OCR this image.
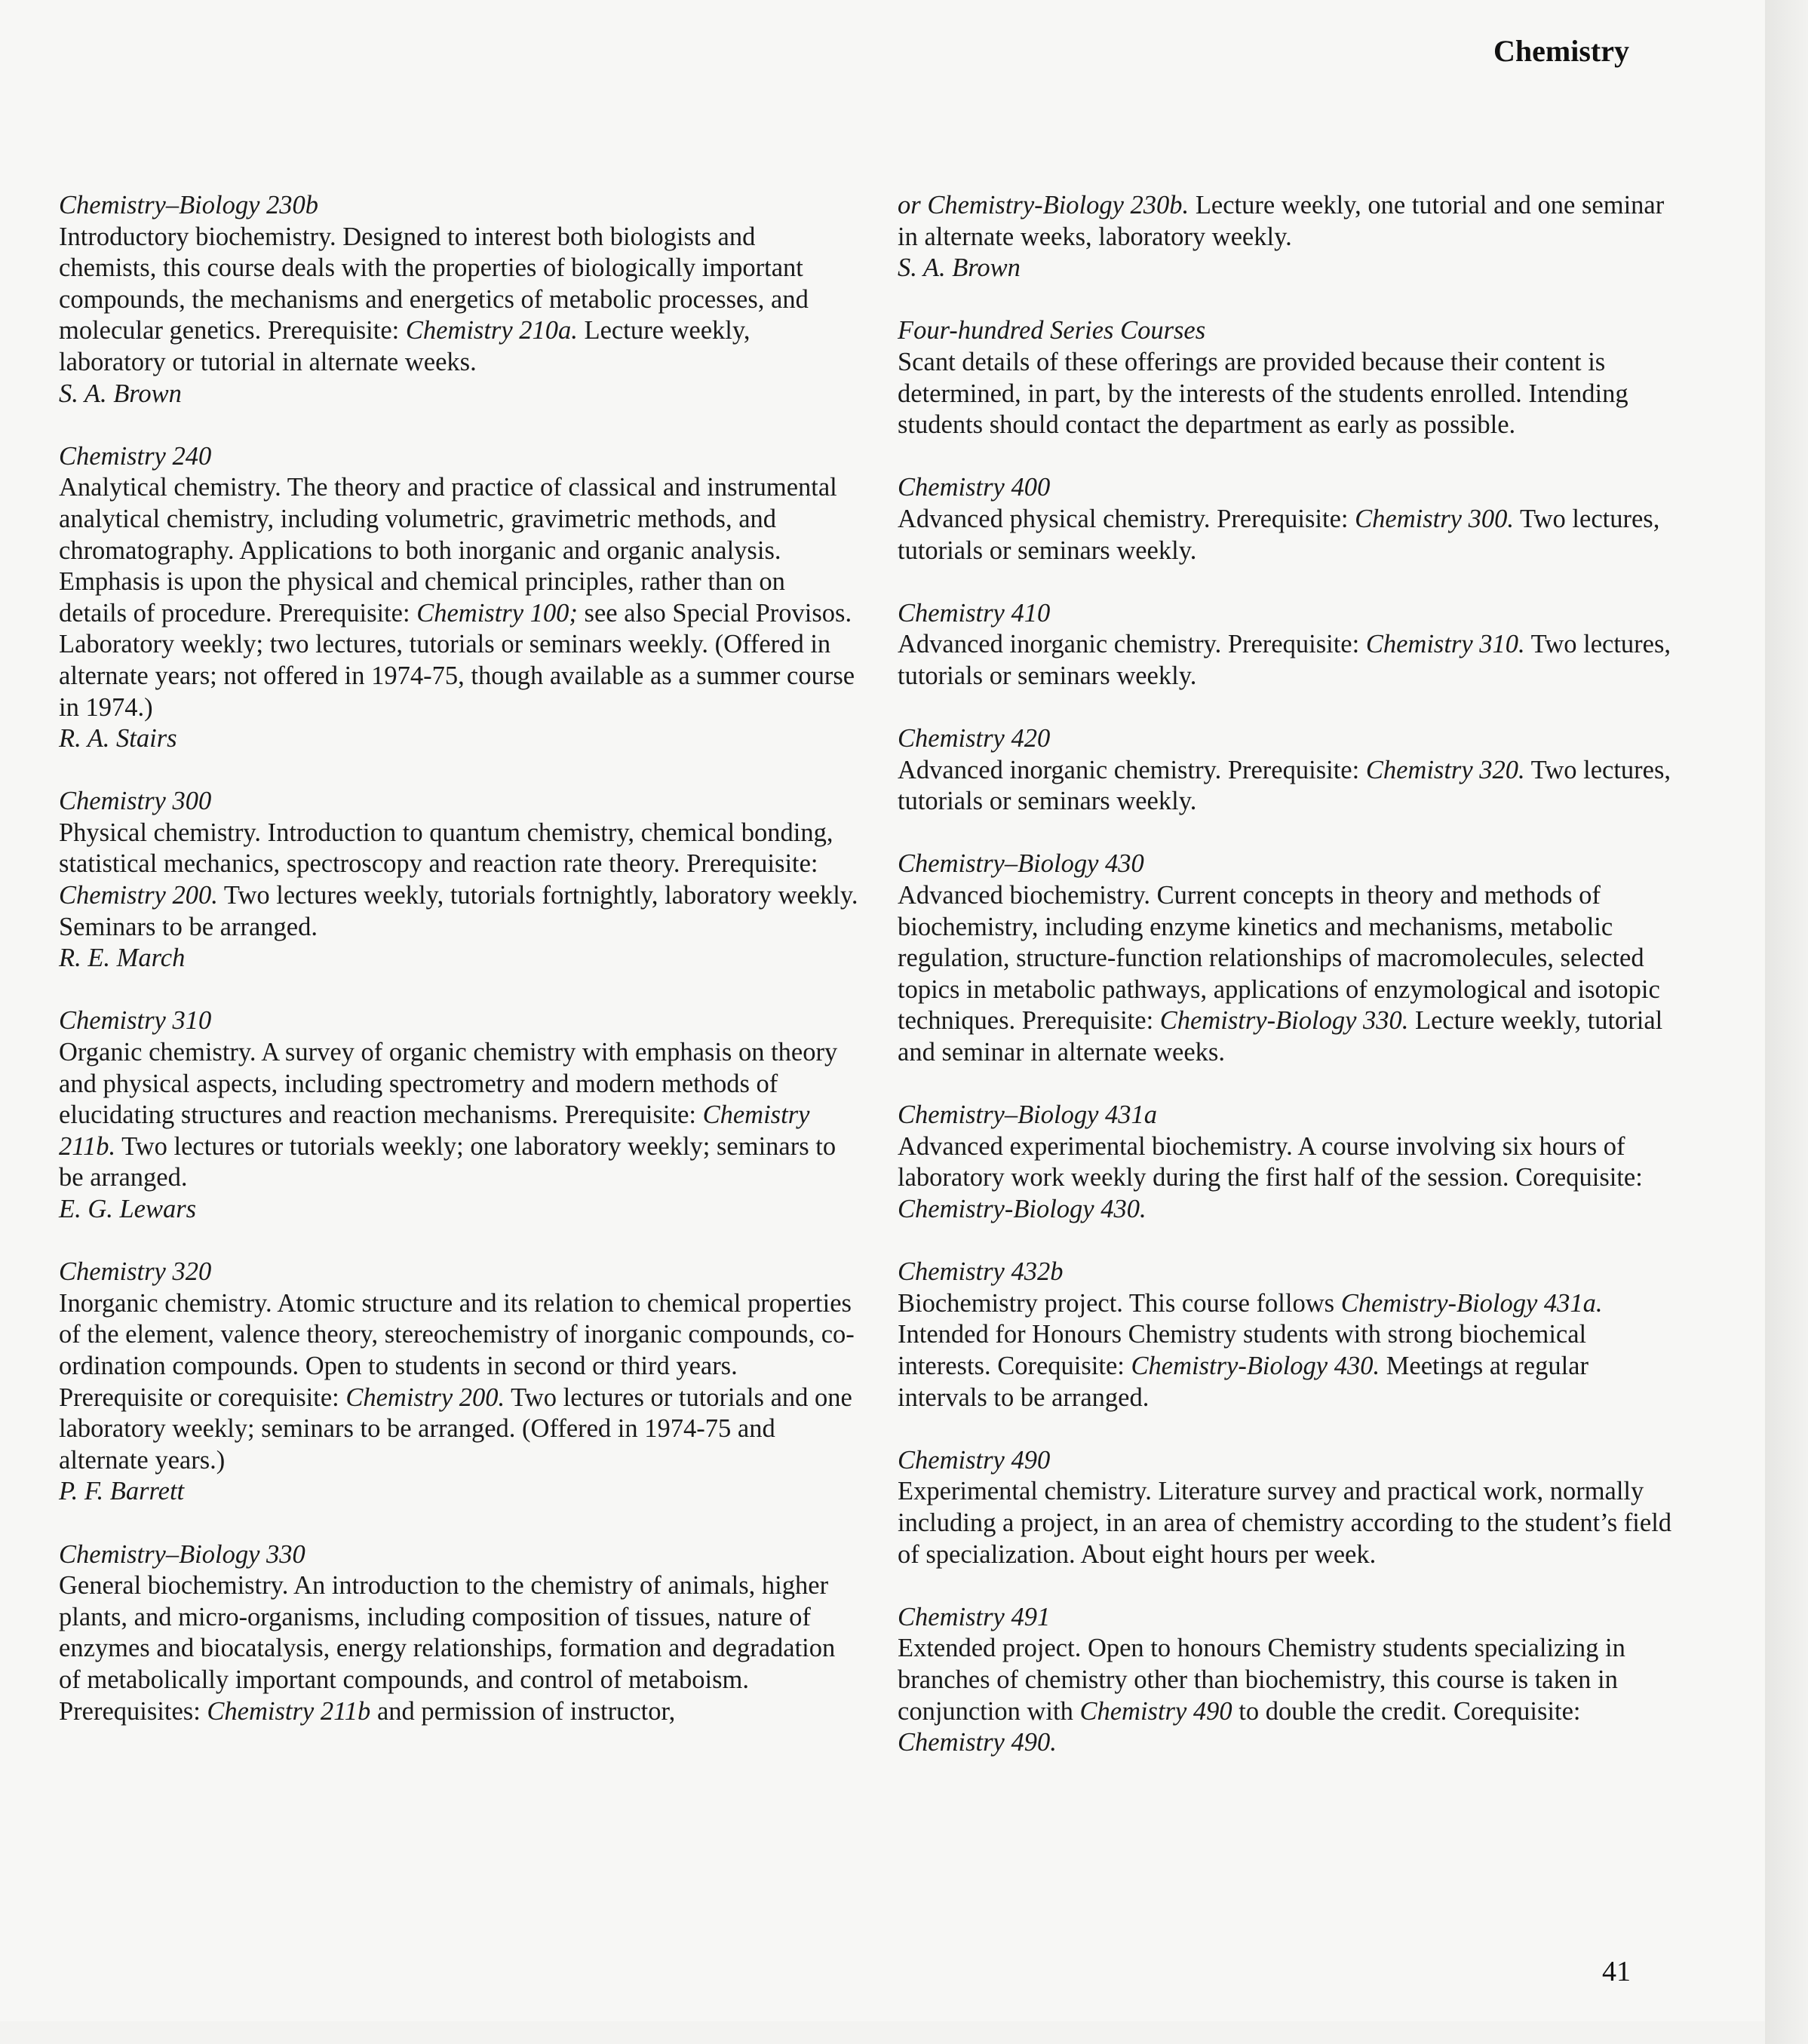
Chemistry
Chemistry–Biology 230b
Introductory biochemistry. Designed to interest both biologists and chemists, this course deals with the properties of biologically important compounds, the mechanisms and energetics of metabolic processes, and molecular genetics. Prerequisite: Chemistry 210a. Lecture weekly, laboratory or tutorial in alternate weeks.
S. A. Brown
Chemistry 240
Analytical chemistry. The theory and practice of classical and instrumental analytical chemistry, including volumetric, gravimetric methods, and chromatography. Applications to both inorganic and organic analysis. Emphasis is upon the physical and chemical principles, rather than on details of procedure. Prerequisite: Chemistry 100; see also Special Provisos. Laboratory weekly; two lectures, tutorials or seminars weekly. (Offered in alternate years; not offered in 1974-75, though available as a summer course in 1974.)
R. A. Stairs
Chemistry 300
Physical chemistry. Introduction to quantum chemistry, chemical bonding, statistical mechanics, spectroscopy and reaction rate theory. Prerequisite: Chemistry 200. Two lectures weekly, tutorials fortnightly, laboratory weekly. Seminars to be arranged.
R. E. March
Chemistry 310
Organic chemistry. A survey of organic chemistry with emphasis on theory and physical aspects, including spectrometry and modern methods of elucidating structures and reaction mechanisms. Prerequisite: Chemistry 211b. Two lectures or tutorials weekly; one laboratory weekly; seminars to be arranged.
E. G. Lewars
Chemistry 320
Inorganic chemistry. Atomic structure and its relation to chemical properties of the element, valence theory, stereochemistry of inorganic compounds, co-ordination compounds. Open to students in second or third years. Prerequisite or corequisite: Chemistry 200. Two lectures or tutorials and one laboratory weekly; seminars to be arranged. (Offered in 1974-75 and alternate years.)
P. F. Barrett
Chemistry–Biology 330
General biochemistry. An introduction to the chemistry of animals, higher plants, and micro-organisms, including composition of tissues, nature of enzymes and biocatalysis, energy relationships, formation and degradation of metabolically important compounds, and control of metaboism. Prerequisites: Chemistry 211b and permission of instructor,
or Chemistry-Biology 230b. Lecture weekly, one tutorial and one seminar in alternate weeks, laboratory weekly.
S. A. Brown
Four-hundred Series Courses
Scant details of these offerings are provided because their content is determined, in part, by the interests of the students enrolled. Intending students should contact the department as early as possible.
Chemistry 400
Advanced physical chemistry. Prerequisite: Chemistry 300. Two lectures, tutorials or seminars weekly.
Chemistry 410
Advanced inorganic chemistry. Prerequisite: Chemistry 310. Two lectures, tutorials or seminars weekly.
Chemistry 420
Advanced inorganic chemistry. Prerequisite: Chemistry 320. Two lectures, tutorials or seminars weekly.
Chemistry–Biology 430
Advanced biochemistry. Current concepts in theory and methods of biochemistry, including enzyme kinetics and mechanisms, metabolic regulation, structure-function relationships of macromolecules, selected topics in metabolic pathways, applications of enzymological and isotopic techniques. Prerequisite: Chemistry-Biology 330. Lecture weekly, tutorial and seminar in alternate weeks.
Chemistry–Biology 431a
Advanced experimental biochemistry. A course involving six hours of laboratory work weekly during the first half of the session. Corequisite: Chemistry-Biology 430.
Chemistry 432b
Biochemistry project. This course follows Chemistry-Biology 431a. Intended for Honours Chemistry students with strong biochemical interests. Corequisite: Chemistry-Biology 430. Meetings at regular intervals to be arranged.
Chemistry 490
Experimental chemistry. Literature survey and practical work, normally including a project, in an area of chemistry according to the student’s field of specialization. About eight hours per week.
Chemistry 491
Extended project. Open to honours Chemistry students specializing in branches of chemistry other than biochemistry, this course is taken in conjunction with Chemistry 490 to double the credit. Corequisite: Chemistry 490.
41
